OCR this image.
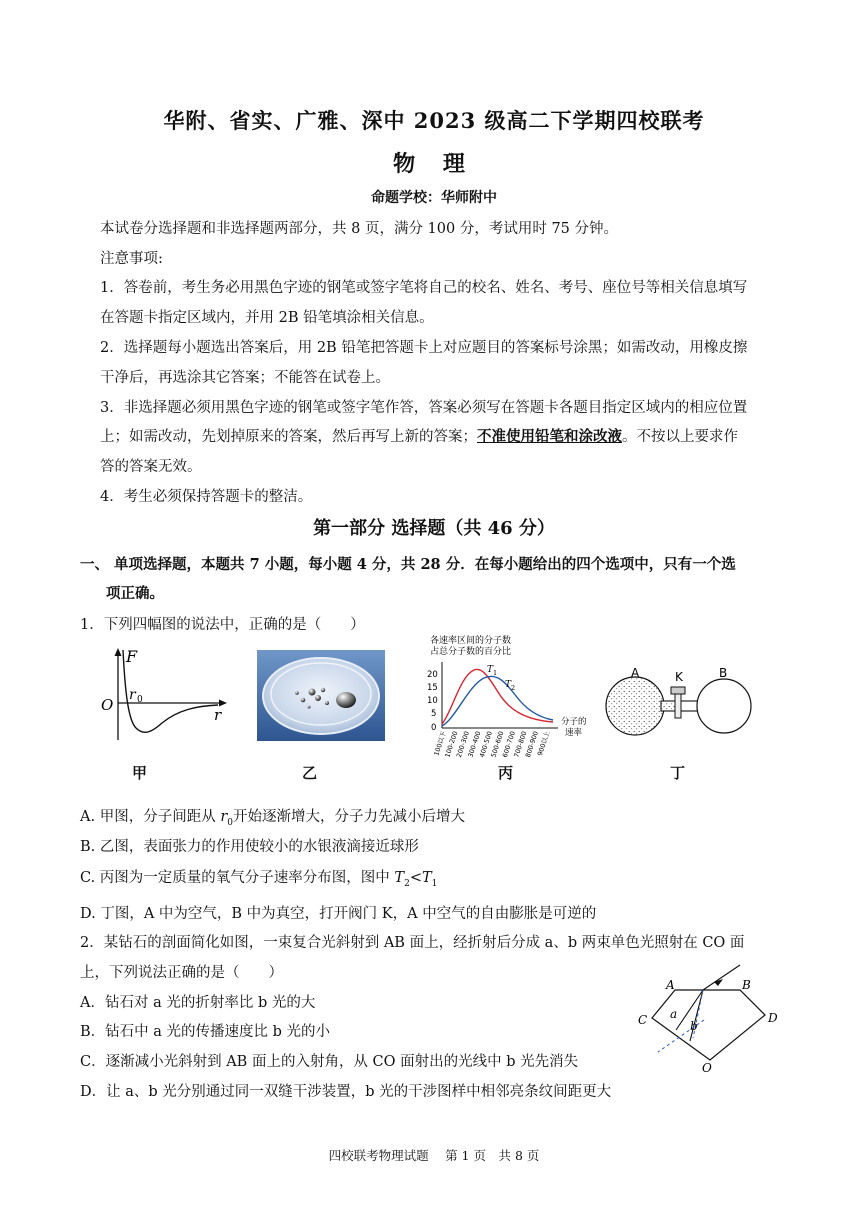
华附、省实、广雅、深中 2023 级高二下学期四校联考
物 理
命题学校：华师附中
本试卷分选择题和非选择题两部分，共 8 页，满分 100 分，考试用时 75 分钟。
注意事项:
1．答卷前，考生务必用黑色字迹的钢笔或签字笔将自己的校名、姓名、考号、座位号等相关信息填写
在答题卡指定区域内，并用 2B 铅笔填涂相关信息。
2．选择题每小题选出答案后，用 2B 铅笔把答题卡上对应题目的答案标号涂黑；如需改动，用橡皮擦
干净后，再选涂其它答案；不能答在试卷上。
3．非选择题必须用黑色字迹的钢笔或签字笔作答，答案必须写在答题卡各题目指定区域内的相应位置
上；如需改动，先划掉原来的答案，然后再写上新的答案；不准使用铅笔和涂改液。不按以上要求作
答的答案无效。
4．考生必须保持答题卡的整洁。
第一部分 选择题（共 46 分）
一、 单项选择题，本题共 7 小题，每小题 4 分，共 28 分．在每小题给出的四个选项中，只有一个选
项正确。
1．下列四幅图的说法中，正确的是（　　）
F
O
r 0
r
各速率区间的分子数
占总分子数的百分比
20
15
10
5
0
T 1
T 2
分子的
速率
100以下
100-200
200-300
300-400
400-500
500-600
600-700
700-800
800-900
900以上
A	K	B
甲	乙	丙	丁
A. 甲图，分子间距从 $r_0$开始逐渐增大，分子力先减小后增大
B. 乙图，表面张力的作用使较小的水银液滴接近球形
C. 丙图为一定质量的氧气分子速率分布图，图中 $T_2<T_1$
D. 丁图，A 中为空气，B 中为真空，打开阀门 K，A 中空气的自由膨胀是可逆的
2．某钻石的剖面简化如图，一束复合光斜射到 AB 面上，经折射后分成 a、b 两束单色光照射在 CO 面
上，下列说法正确的是（　　）
A．钻石对 a 光的折射率比 b 光的大
B．钻石中 a 光的传播速度比 b 光的小
C．逐渐减小光斜射到 AB 面上的入射角，从 CO 面射出的光线中 b 光先消失
D．让 a、b 光分别通过同一双缝干涉装置，b 光的干涉图样中相邻亮条纹间距更大
A	B
C	D
O
a
b
四校联考物理试题　 第 1 页　共 8 页
